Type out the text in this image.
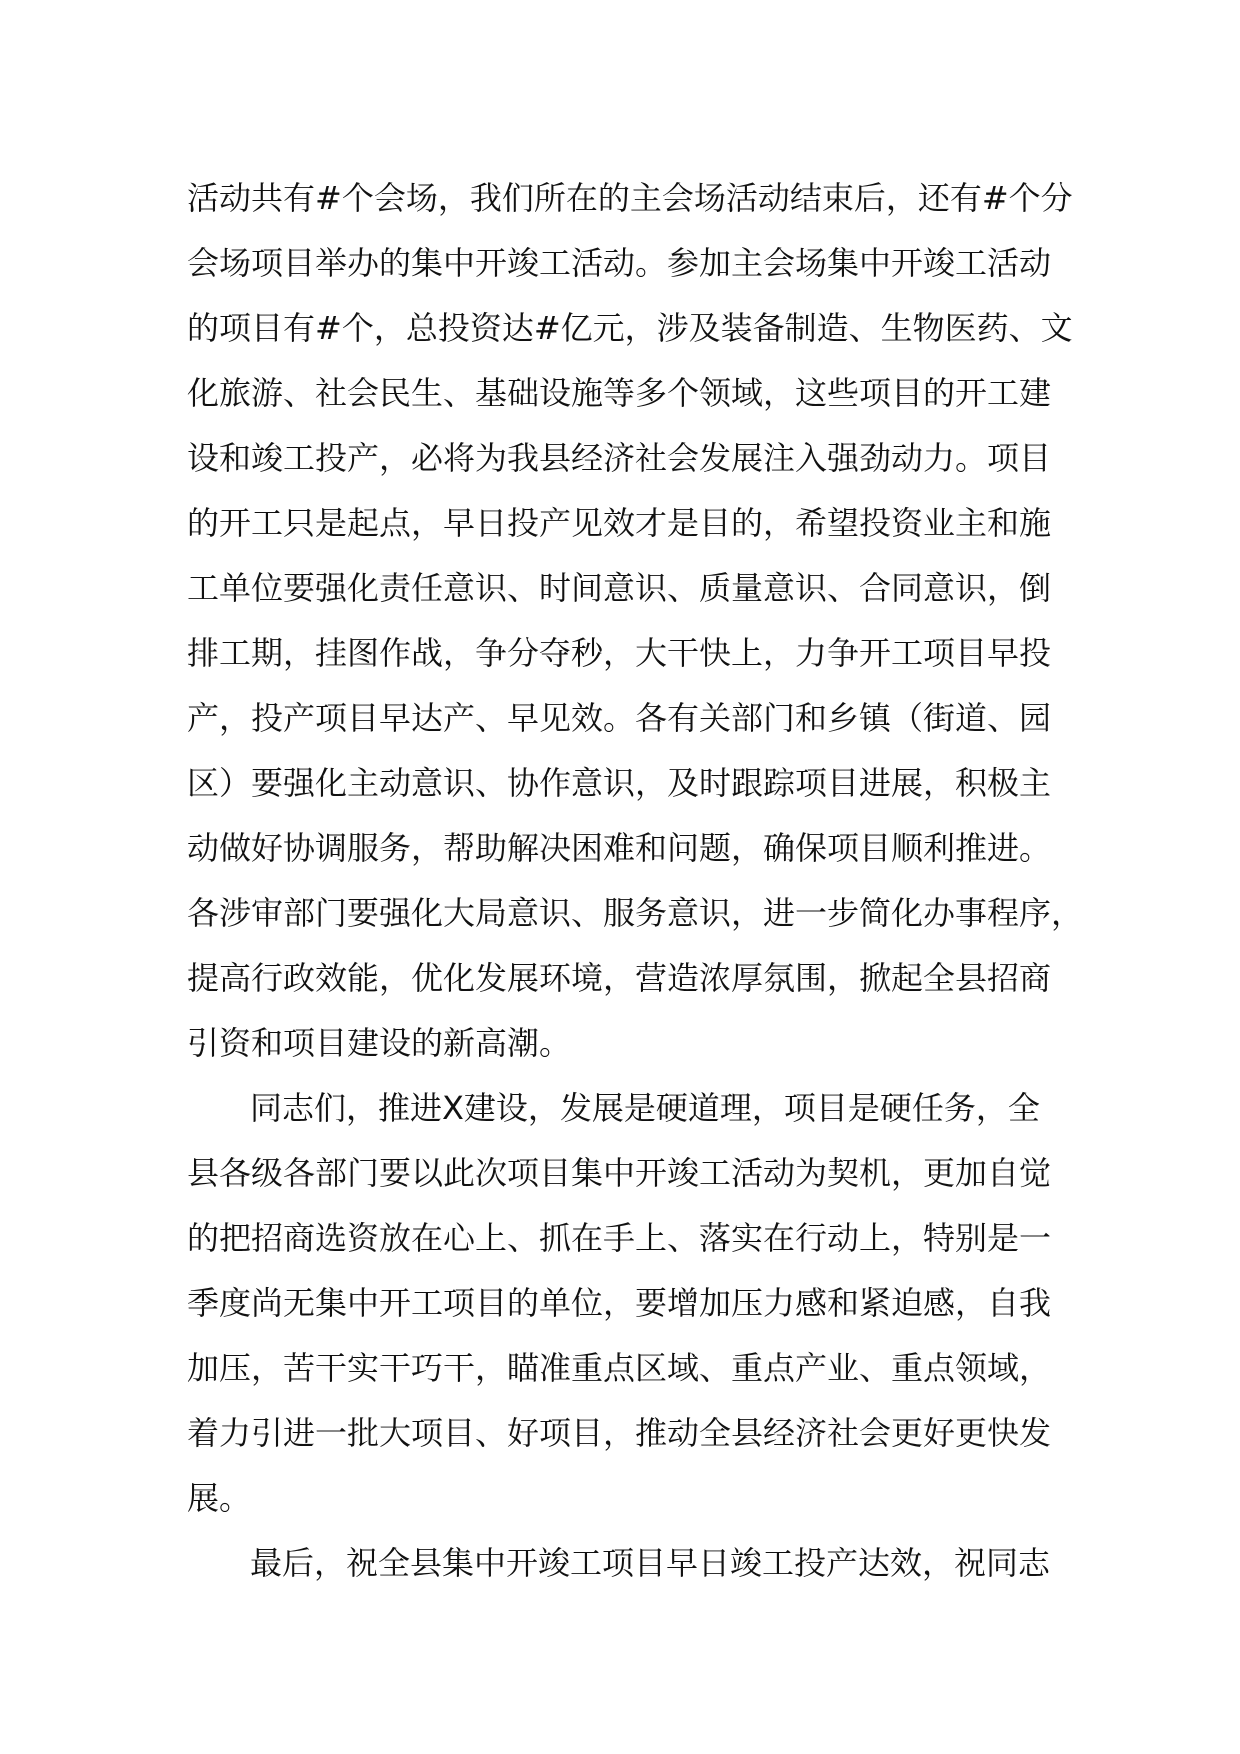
活动共有#个会场，我们所在的主会场活动结束后，还有#个分

会场项目举办的集中开竣工活动。参加主会场集中开竣工活动

的项目有#个，总投资达#亿元，涉及装备制造、生物医药、文

化旅游、社会民生、基础设施等多个领域，这些项目的开工建

设和竣工投产，必将为我县经济社会发展注入强劲动力。项目

的开工只是起点，早日投产见效才是目的，希望投资业主和施

工单位要强化责任意识、时间意识、质量意识、合同意识，倒

排工期，挂图作战，争分夺秒，大干快上，力争开工项目早投

产，投产项目早达产、早见效。各有关部门和乡镇（街道、园

区）要强化主动意识、协作意识，及时跟踪项目进展，积极主

动做好协调服务，帮助解决困难和问题，确保项目顺利推进。

各涉审部门要强化大局意识、服务意识，进一步简化办事程序，

提高行政效能，优化发展环境，营造浓厚氛围，掀起全县招商

引资和项目建设的新高潮。

同志们，推进X建设，发展是硬道理，项目是硬任务，全

县各级各部门要以此次项目集中开竣工活动为契机，更加自觉

的把招商选资放在心上、抓在手上、落实在行动上，特别是一

季度尚无集中开工项目的单位，要增加压力感和紧迫感，自我

加压，苦干实干巧干，瞄准重点区域、重点产业、重点领域，

着力引进一批大项目、好项目，推动全县经济社会更好更快发

展。

最后，祝全县集中开竣工项目早日竣工投产达效，祝同志
